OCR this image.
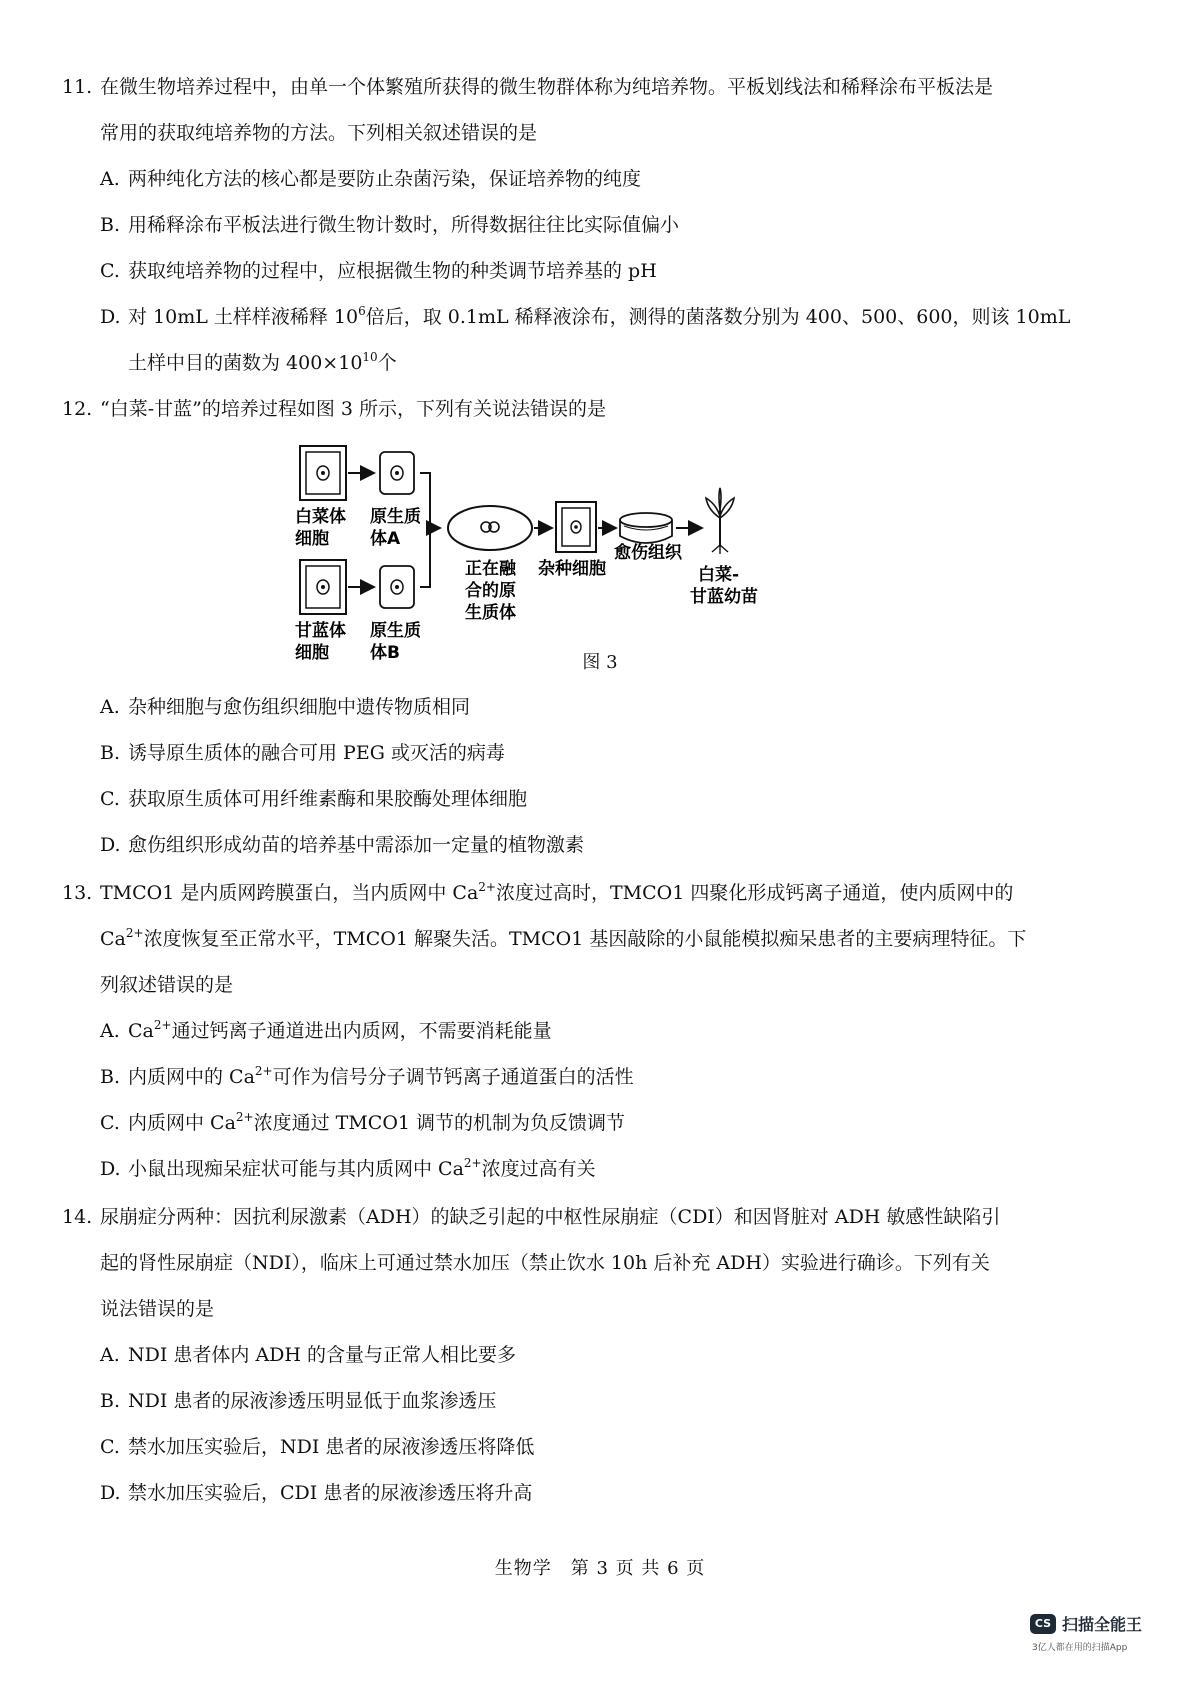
11. 在微生物培养过程中，由单一个体繁殖所获得的微生物群体称为纯培养物。平板划线法和稀释涂布平板法是
常用的获取纯培养物的方法。下列相关叙述错误的是
A. 两种纯化方法的核心都是要防止杂菌污染，保证培养物的纯度
B. 用稀释涂布平板法进行微生物计数时，所得数据往往比实际值偏小
C. 获取纯培养物的过程中，应根据微生物的种类调节培养基的 pH
D. 对 10mL 土样样液稀释 $10^6$倍后，取 0.1mL 稀释液涂布，测得的菌落数分别为 400、500、600，则该 10mL
土样中目的菌数为 $400\times 10^{10}$个
12. “白菜-甘蓝”的培养过程如图 3 所示，下列有关说法错误的是
白菜体
细胞
原生质
体A
甘蓝体
细胞
原生质
体B
正在融
合的原
生质体
杂种细胞
愈伤组织
白菜-
甘蓝幼苗
图 3
A. 杂种细胞与愈伤组织细胞中遗传物质相同
B. 诱导原生质体的融合可用 PEG 或灭活的病毒
C. 获取原生质体可用纤维素酶和果胶酶处理体细胞
D. 愈伤组织形成幼苗的培养基中需添加一定量的植物激素
13. TMCO1 是内质网跨膜蛋白，当内质网中 $Ca^{2+}$浓度过高时，TMCO1 四聚化形成钙离子通道，使内质网中的
$Ca^{2+}$浓度恢复至正常水平，TMCO1 解聚失活。TMCO1 基因敲除的小鼠能模拟痴呆患者的主要病理特征。下
列叙述错误的是
A. $Ca^{2+}$通过钙离子通道进出内质网，不需要消耗能量
B. 内质网中的 $Ca^{2+}$可作为信号分子调节钙离子通道蛋白的活性
C. 内质网中 $Ca^{2+}$浓度通过 TMCO1 调节的机制为负反馈调节
D. 小鼠出现痴呆症状可能与其内质网中 $Ca^{2+}$浓度过高有关
14. 尿崩症分两种：因抗利尿激素（ADH）的缺乏引起的中枢性尿崩症（CDI）和因肾脏对 ADH 敏感性缺陷引
起的肾性尿崩症（NDI），临床上可通过禁水加压（禁止饮水 10h 后补充 ADH）实验进行确诊。下列有关
说法错误的是
A. NDI 患者体内 ADH 的含量与正常人相比要多
B. NDI 患者的尿液渗透压明显低于血浆渗透压
C. 禁水加压实验后，NDI 患者的尿液渗透压将降低
D. 禁水加压实验后，CDI 患者的尿液渗透压将升高
生物学　第 3 页 共 6 页
CS 扫描全能王
3亿人都在用的扫描App
